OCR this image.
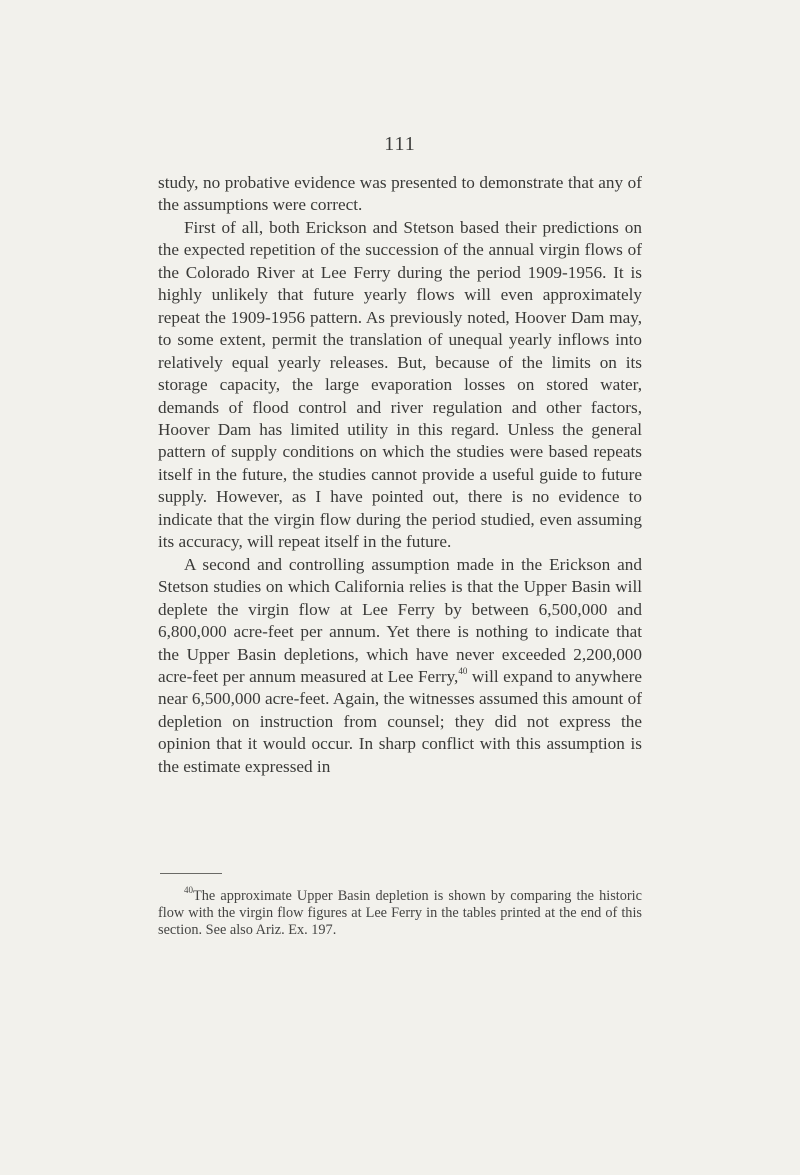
111

study, no probative evidence was presented to demonstrate that any of the assumptions were correct.

First of all, both Erickson and Stetson based their predictions on the expected repetition of the succession of the annual virgin flows of the Colorado River at Lee Ferry during the period 1909-1956. It is highly unlikely that future yearly flows will even approximately repeat the 1909-1956 pattern. As previously noted, Hoover Dam may, to some extent, permit the translation of unequal yearly inflows into relatively equal yearly releases. But, because of the limits on its storage capacity, the large evaporation losses on stored water, demands of flood control and river regulation and other factors, Hoover Dam has limited utility in this regard. Unless the general pattern of supply conditions on which the studies were based repeats itself in the future, the studies cannot provide a useful guide to future supply. However, as I have pointed out, there is no evidence to indicate that the virgin flow during the period studied, even assuming its accuracy, will repeat itself in the future.

A second and controlling assumption made in the Erickson and Stetson studies on which California relies is that the Upper Basin will deplete the virgin flow at Lee Ferry by between 6,500,000 and 6,800,000 acre-feet per annum. Yet there is nothing to indicate that the Upper Basin depletions, which have never exceeded 2,200,000 acre-feet per annum measured at Lee Ferry,$^{40}$ will expand to anywhere near 6,500,000 acre-feet. Again, the witnesses assumed this amount of depletion on instruction from counsel; they did not express the opinion that it would occur. In sharp conflict with this assumption is the estimate expressed in

$^{40}$The approximate Upper Basin depletion is shown by comparing the historic flow with the virgin flow figures at Lee Ferry in the tables printed at the end of this section. See also Ariz. Ex. 197.
